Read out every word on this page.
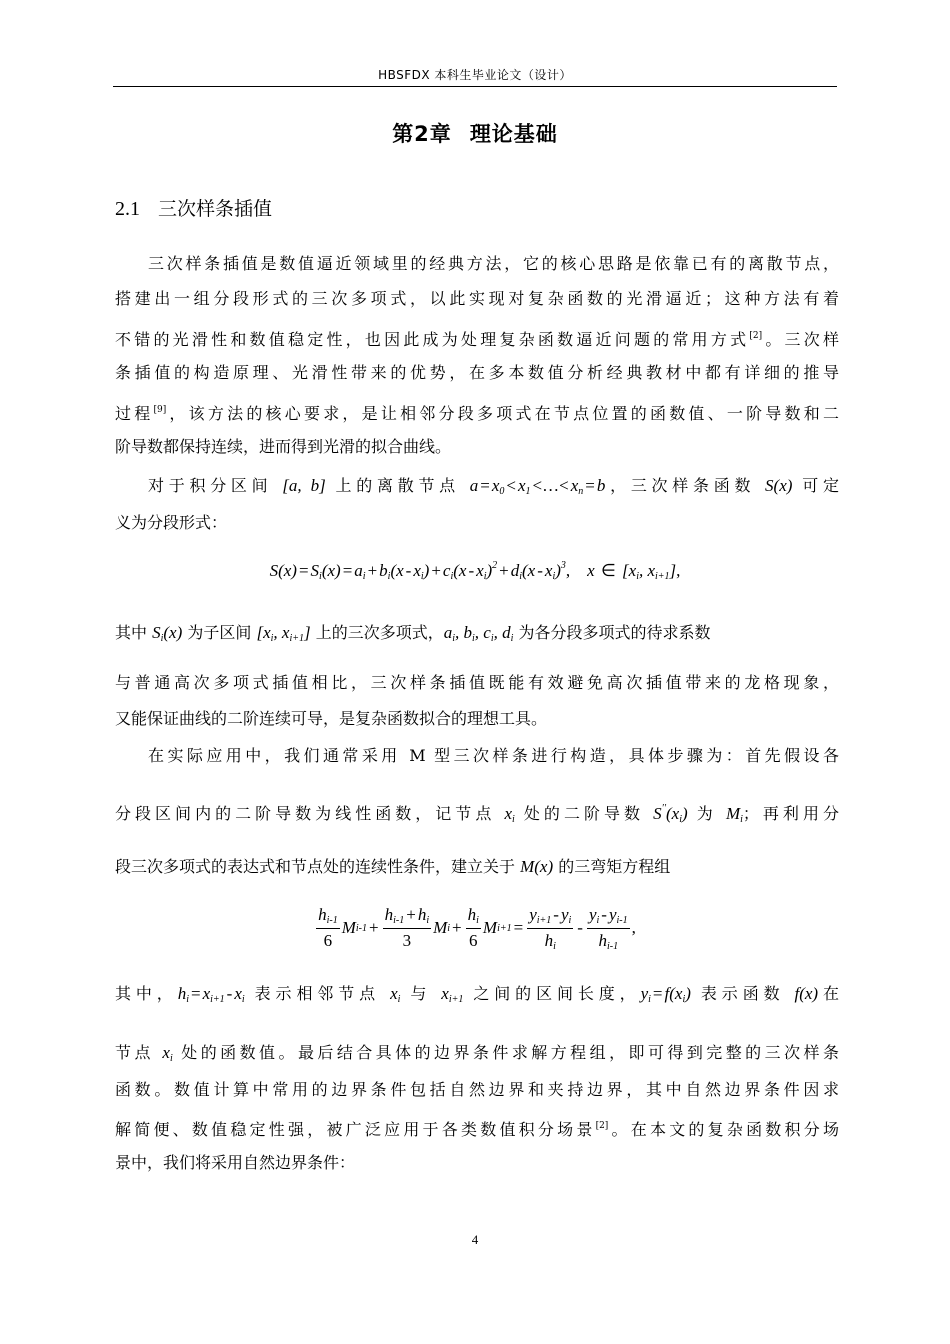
HBSFDX 本科生毕业论文（设计）
第2章 理论基础
2.1 三次样条插值
三次样条插值是数值逼近领域里的经典方法，它的核心思路是依靠已有的离散节点，
搭建出一组分段形式的三次多项式，以此实现对复杂函数的光滑逼近；这种方法有着
不错的光滑性和数值稳定性，也因此成为处理复杂函数逼近问题的常用方式[2]。三次样
条插值的构造原理、光滑性带来的优势，在多本数值分析经典教材中都有详细的推导
过程[9]，该方法的核心要求，是让相邻分段多项式在节点位置的函数值、一阶导数和二
阶导数都保持连续，进而得到光滑的拟合曲线。
对于积分区间 [a, b] 上的离散节点 $a = x_0 < x_1$ <…< $x_n = b$，三次样条函数 S(x) 可定
义为分段形式：
$S(x) = S_i(x) = a_i + b_i(x - x_i) + c_i(x - x_i)^2 + d_i(x - x_i)^3$,    x ∈ [$x_i$, $x_{i+1}$],
其中 $S_i(x)$ 为子区间 [$x_i$, $x_{i+1}$] 上的三次多项式，$a_i$, $b_i$, $c_i$, $d_i$ 为各分段多项式的待求系数
与普通高次多项式插值相比，三次样条插值既能有效避免高次插值带来的龙格现象，
又能保证曲线的二阶连续可导，是复杂函数拟合的理想工具。
在实际应用中，我们通常采用 M 型三次样条进行构造，具体步骤为：首先假设各
分段区间内的二阶导数为线性函数，记节点 $x_i$ 处的二阶导数 $S''(x_i)$ 为 $M_i$；再利用分
段三次多项式的表达式和节点处的连续性条件，建立关于 M(x) 的三弯矩方程组
$\frac{h_{i-1}}{6}$ M $i-1 + \frac{h_{i-1} + h_i}{3}$ M $i + \frac{h_i}{6}$ M $i+1 = \frac{y_{i+1} - y_i}{h_i} - \frac{y_i - y_{i-1}}{h_{i-1}}$ ,
其中，$h_i = x_{i+1} - x_i$ 表示相邻节点 $x_i$ 与 $x_{i+1}$ 之间的区间长度，$y_i = f(x_i)$ 表示函数 f(x)在
节点 $x_i$ 处的函数值。最后结合具体的边界条件求解方程组，即可得到完整的三次样条
函数。数值计算中常用的边界条件包括自然边界和夹持边界，其中自然边界条件因求
解简便、数值稳定性强，被广泛应用于各类数值积分场景[2]。在本文的复杂函数积分场
景中，我们将采用自然边界条件：
4
